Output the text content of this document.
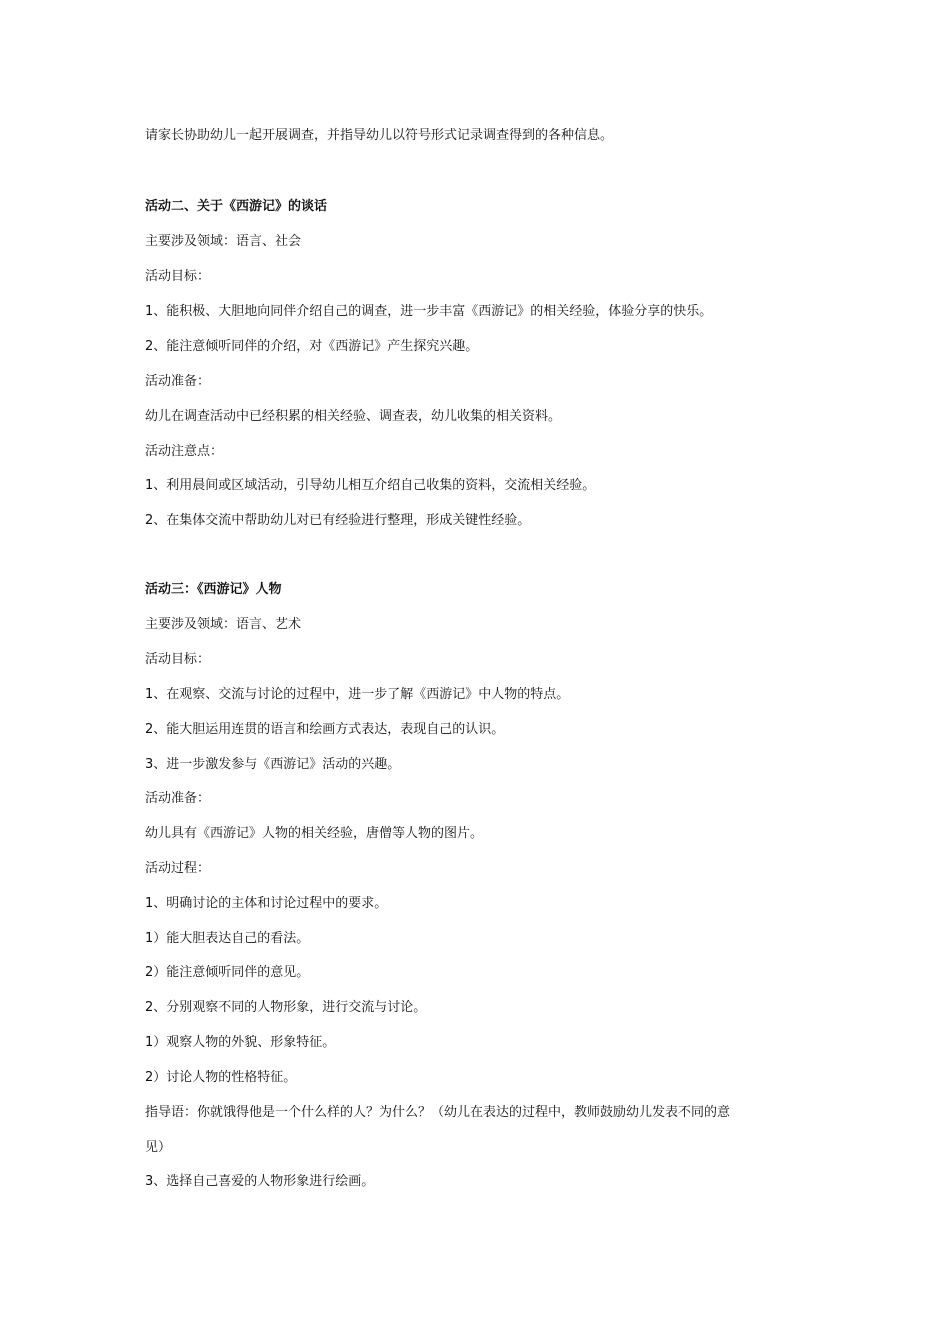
请家长协助幼儿一起开展调查，并指导幼儿以符号形式记录调查得到的各种信息。
活动二、关于《西游记》的谈话
主要涉及领域：语言、社会
活动目标：
1、能积极、大胆地向同伴介绍自己的调查，进一步丰富《西游记》的相关经验，体验分享的快乐。
2、能注意倾听同伴的介绍，对《西游记》产生探究兴趣。
活动准备：
幼儿在调查活动中已经积累的相关经验、调查表，幼儿收集的相关资料。
活动注意点：
1、利用晨间或区域活动，引导幼儿相互介绍自己收集的资料，交流相关经验。
2、在集体交流中帮助幼儿对已有经验进行整理，形成关键性经验。
活动三：《西游记》人物
主要涉及领域：语言、艺术
活动目标：
1、在观察、交流与讨论的过程中，进一步了解《西游记》中人物的特点。
2、能大胆运用连贯的语言和绘画方式表达，表现自己的认识。
3、进一步激发参与《西游记》活动的兴趣。
活动准备：
幼儿具有《西游记》人物的相关经验，唐僧等人物的图片。
活动过程：
1、明确讨论的主体和讨论过程中的要求。
1）能大胆表达自己的看法。
2）能注意倾听同伴的意见。
2、分别观察不同的人物形象，进行交流与讨论。
1）观察人物的外貌、形象特征。
2）讨论人物的性格特征。
指导语：你就饿得他是一个什么样的人？为什么？（幼儿在表达的过程中，教师鼓励幼儿发表不同的意
见）
3、选择自己喜爱的人物形象进行绘画。
